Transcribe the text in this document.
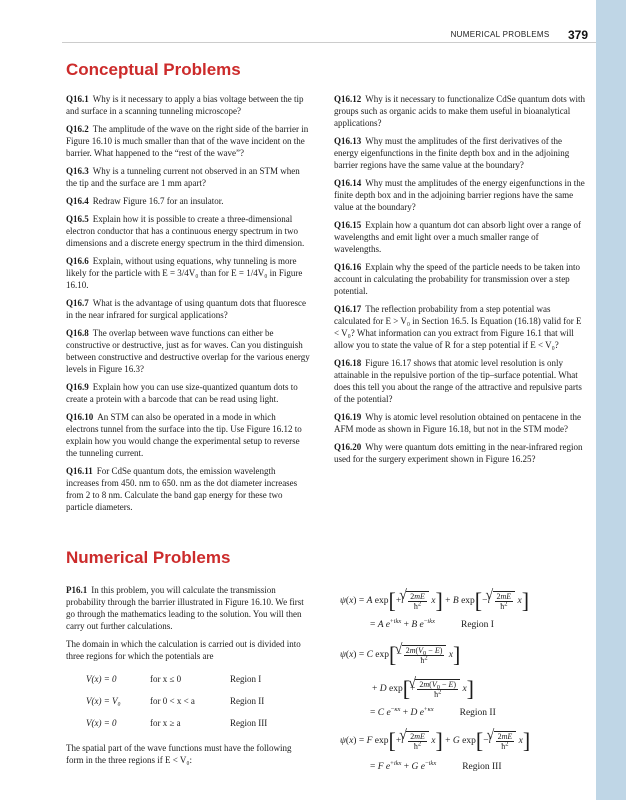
NUMERICAL PROBLEMS 379
Conceptual Problems
Q16.1 Why is it necessary to apply a bias voltage between the tip and surface in a scanning tunneling microscope?
Q16.2 The amplitude of the wave on the right side of the barrier in Figure 16.10 is much smaller than that of the wave incident on the barrier. What happened to the “rest of the wave”?
Q16.3 Why is a tunneling current not observed in an STM when the tip and the surface are 1 mm apart?
Q16.4 Redraw Figure 16.7 for an insulator.
Q16.5 Explain how it is possible to create a three-dimensional electron conductor that has a continuous energy spectrum in two dimensions and a discrete energy spectrum in the third dimension.
Q16.6 Explain, without using equations, why tunneling is more likely for the particle with E = 3/4V₀ than for E = 1/4V₀ in Figure 16.10.
Q16.7 What is the advantage of using quantum dots that fluoresce in the near infrared for surgical applications?
Q16.8 The overlap between wave functions can either be constructive or destructive, just as for waves. Can you distinguish between constructive and destructive overlap for the various energy levels in Figure 16.3?
Q16.9 Explain how you can use size-quantized quantum dots to create a protein with a barcode that can be read using light.
Q16.10 An STM can also be operated in a mode in which electrons tunnel from the surface into the tip. Use Figure 16.12 to explain how you would change the experimental setup to reverse the tunneling current.
Q16.11 For CdSe quantum dots, the emission wavelength increases from 450. nm to 650. nm as the dot diameter increases from 2 to 8 nm. Calculate the band gap energy for these two particle diameters.
Q16.12 Why is it necessary to functionalize CdSe quantum dots with groups such as organic acids to make them useful in bioanalytical applications?
Q16.13 Why must the amplitudes of the first derivatives of the energy eigenfunctions in the finite depth box and in the adjoining barrier regions have the same value at the boundary?
Q16.14 Why must the amplitudes of the energy eigenfunctions in the finite depth box and in the adjoining barrier regions have the same value at the boundary?
Q16.15 Explain how a quantum dot can absorb light over a range of wavelengths and emit light over a much smaller range of wavelengths.
Q16.16 Explain why the speed of the particle needs to be taken into account in calculating the probability for transmission over a step potential.
Q16.17 The reflection probability from a step potential was calculated for E > V₀ in Section 16.5. Is Equation (16.18) valid for E < V₀? What information can you extract from Figure 16.1 that will allow you to state the value of R for a step potential if E < V₀?
Q16.18 Figure 16.17 shows that atomic level resolution is only attainable in the repulsive portion of the tip–surface potential. What does this tell you about the range of the attractive and repulsive parts of the potential?
Q16.19 Why is atomic level resolution obtained on pentacene in the AFM mode as shown in Figure 16.18, but not in the STM mode?
Q16.20 Why were quantum dots emitting in the near-infrared region used for the surgery experiment shown in Figure 16.25?
Numerical Problems
P16.1 In this problem, you will calculate the transmission probability through the barrier illustrated in Figure 16.10. We first go through the mathematics leading to the solution. You will then carry out further calculations.
The domain in which the calculation is carried out is divided into three regions for which the potentials are
V(x) = 0	for x ≤ 0	Region I
V(x) = V₀	for 0 < x < a	Region II
V(x) = 0	for x ≥ a	Region III
The spatial part of the wave functions must have the following form in the three regions if E < V₀:
ψ(x) = A exp[+i √ $\frac{2mE}{ħ^2} x] + B$ exp[−i √ $\frac{2mE}{ħ^2} x$]
= A $e^{+ikx} + B$ $e^{-ikx}$	Region I
ψ(x) = C exp[− √ $\frac{2m(V_0 - E)}{ħ^2} x$]
+ D exp[+ √ $\frac{2m(V_0 - E)}{ħ^2} x$]
= C $e^{-\kappa x} + D$ $e^{+\kappa x}$	Region II
ψ(x) = F exp[+i √ $\frac{2mE}{ħ^2} x] + G$ exp[−i √ $\frac{2mE}{ħ^2} x$]
= F $e^{+ikx} + G$ $e^{-ikx}$	Region III
